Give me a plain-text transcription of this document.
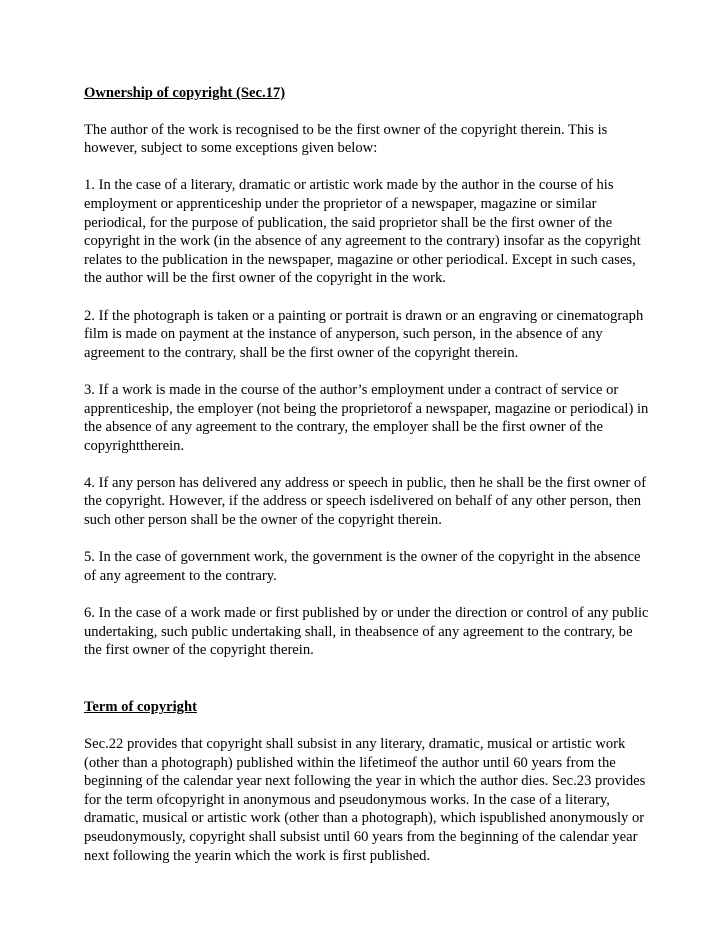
Ownership of copyright (Sec.17)

The author of the work is recognised to be the first owner of the copyright therein. This is however, subject to some exceptions given below:

1. In the case of a literary, dramatic or artistic work made by the author in the course of his employment or apprenticeship under the proprietor of a newspaper, magazine or similar periodical, for the purpose of publication, the said proprietor shall be the first owner of the copyright in the work (in the absence of any agreement to the contrary) insofar as the copyright relates to the publication in the newspaper, magazine or other periodical. Except in such cases, the author will be the first owner of the copyright in the work.

2. If the photograph is taken or a painting or portrait is drawn or an engraving or cinematograph film is made on payment at the instance of anyperson, such person, in the absence of any agreement to the contrary, shall be the first owner of the copyright therein.

3. If a work is made in the course of the author’s employment under a contract of service or apprenticeship, the employer (not being the proprietorof a newspaper, magazine or periodical) in the absence of any agreement to the contrary, the employer shall be the first owner of the copyrighttherein.

4. If any person has delivered any address or speech in public, then he shall be the first owner of the copyright. However, if the address or speech isdelivered on behalf of any other person, then such other person shall be the owner of the copyright therein.

5. In the case of government work, the government is the owner of the copyright in the absence of any agreement to the contrary.

6. In the case of a work made or first published by or under the direction or control of any public undertaking, such public undertaking shall, in theabsence of any agreement to the contrary, be the first owner of the copyright therein.

Term of copyright

Sec.22 provides that copyright shall subsist in any literary, dramatic, musical or artistic work (other than a photograph) published within the lifetimeof the author until 60 years from the beginning of the calendar year next following the year in which the author dies. Sec.23 provides for the term ofcopyright in anonymous and pseudonymous works. In the case of a literary, dramatic, musical or artistic work (other than a photograph), which ispublished anonymously or pseudonymously, copyright shall subsist until 60 years from the beginning of the calendar year next following the yearin which the work is first published.
